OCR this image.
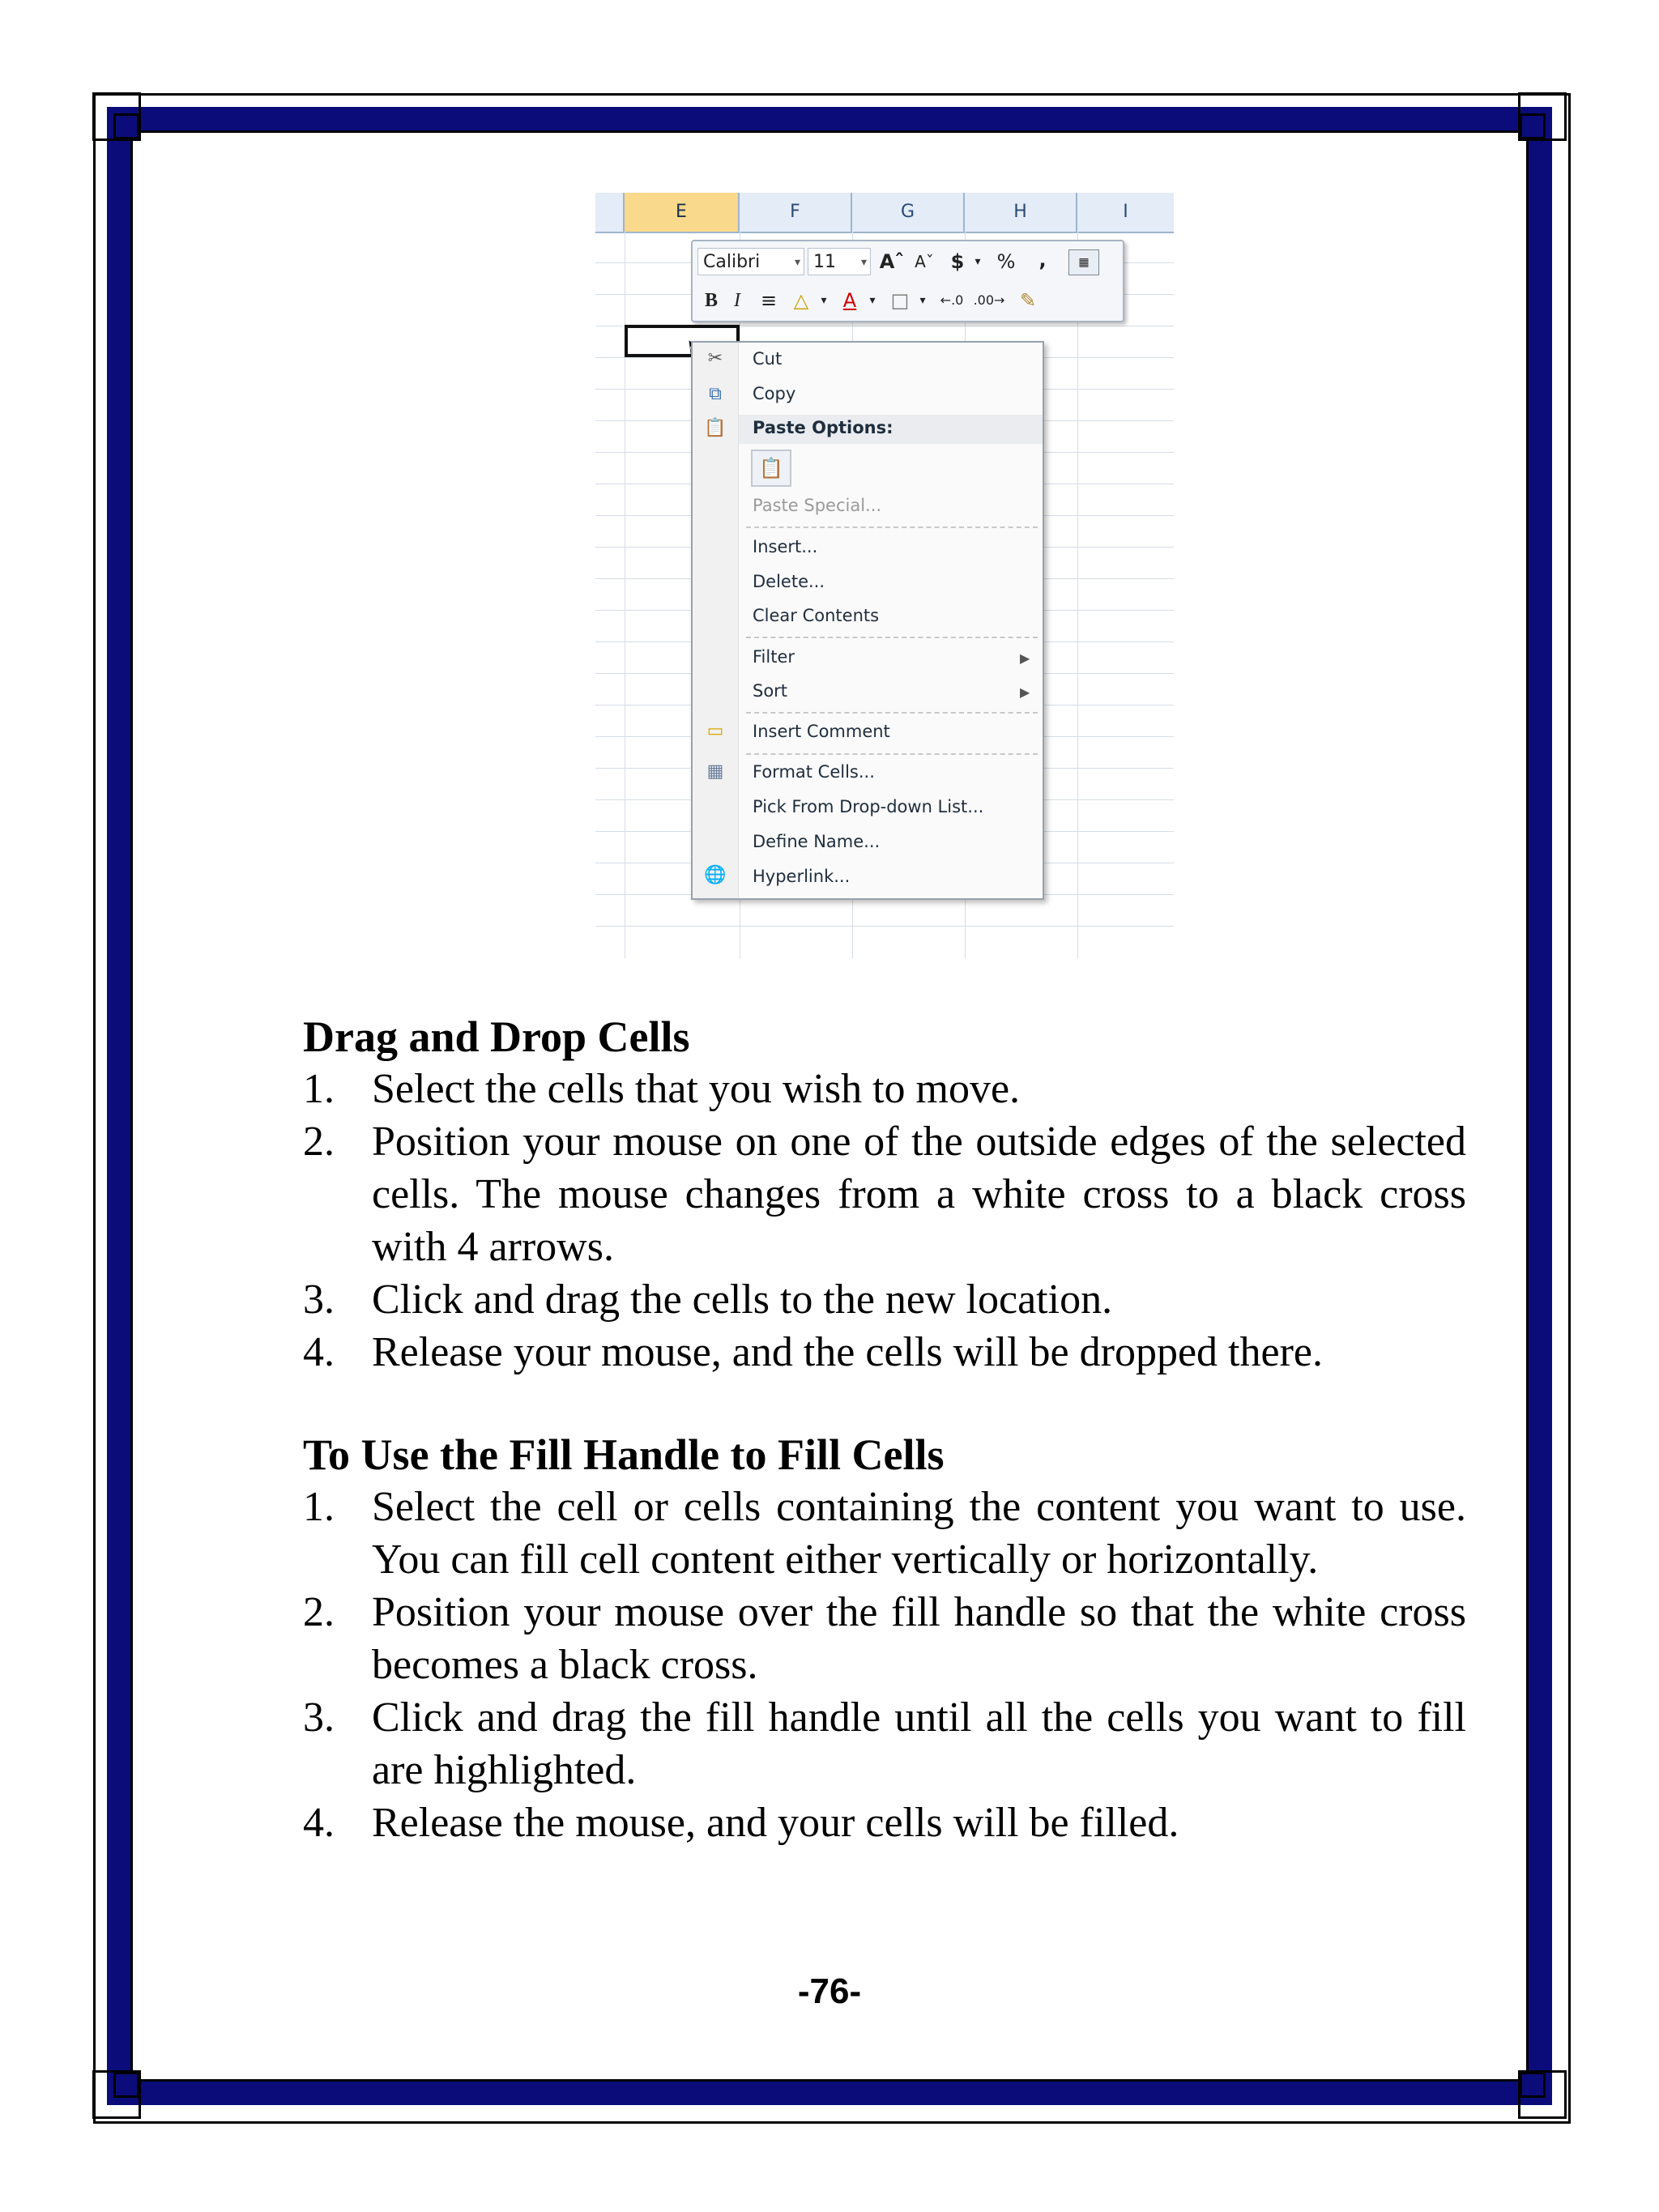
E	F	G	H	I
Calibri	▾ 11 ▾ Aˆ Aˇ $ ▾ %	,	▦
B I	≡ △	▾ A	▾ □ ▾	←.0 .00→ ✎
✂	Cut
⧉	Copy
📋 Paste Options:
📋
Paste Special...
Insert...
Delete...
Clear Contents
Filter	▶
Sort	▶
▭ Insert Comment
▦ Format Cells...
Pick From Drop-down List...
Define Name...
🌐 Hyperlink...
Drag and Drop Cells
1. Select the cells that you wish to move.
2. Position your mouse on one of the outside edges of the selected cells. The mouse changes from a white cross to a black cross with 4 arrows.
3. Click and drag the cells to the new location.
4. Release your mouse, and the cells will be dropped there.
To Use the Fill Handle to Fill Cells
1. Select the cell or cells containing the content you want to use. You can fill cell content either vertically or horizontally.
2. Position your mouse over the fill handle so that the white cross becomes a black cross.
3. Click and drag the fill handle until all the cells you want to fill are highlighted.
4. Release the mouse, and your cells will be filled.
-76-
